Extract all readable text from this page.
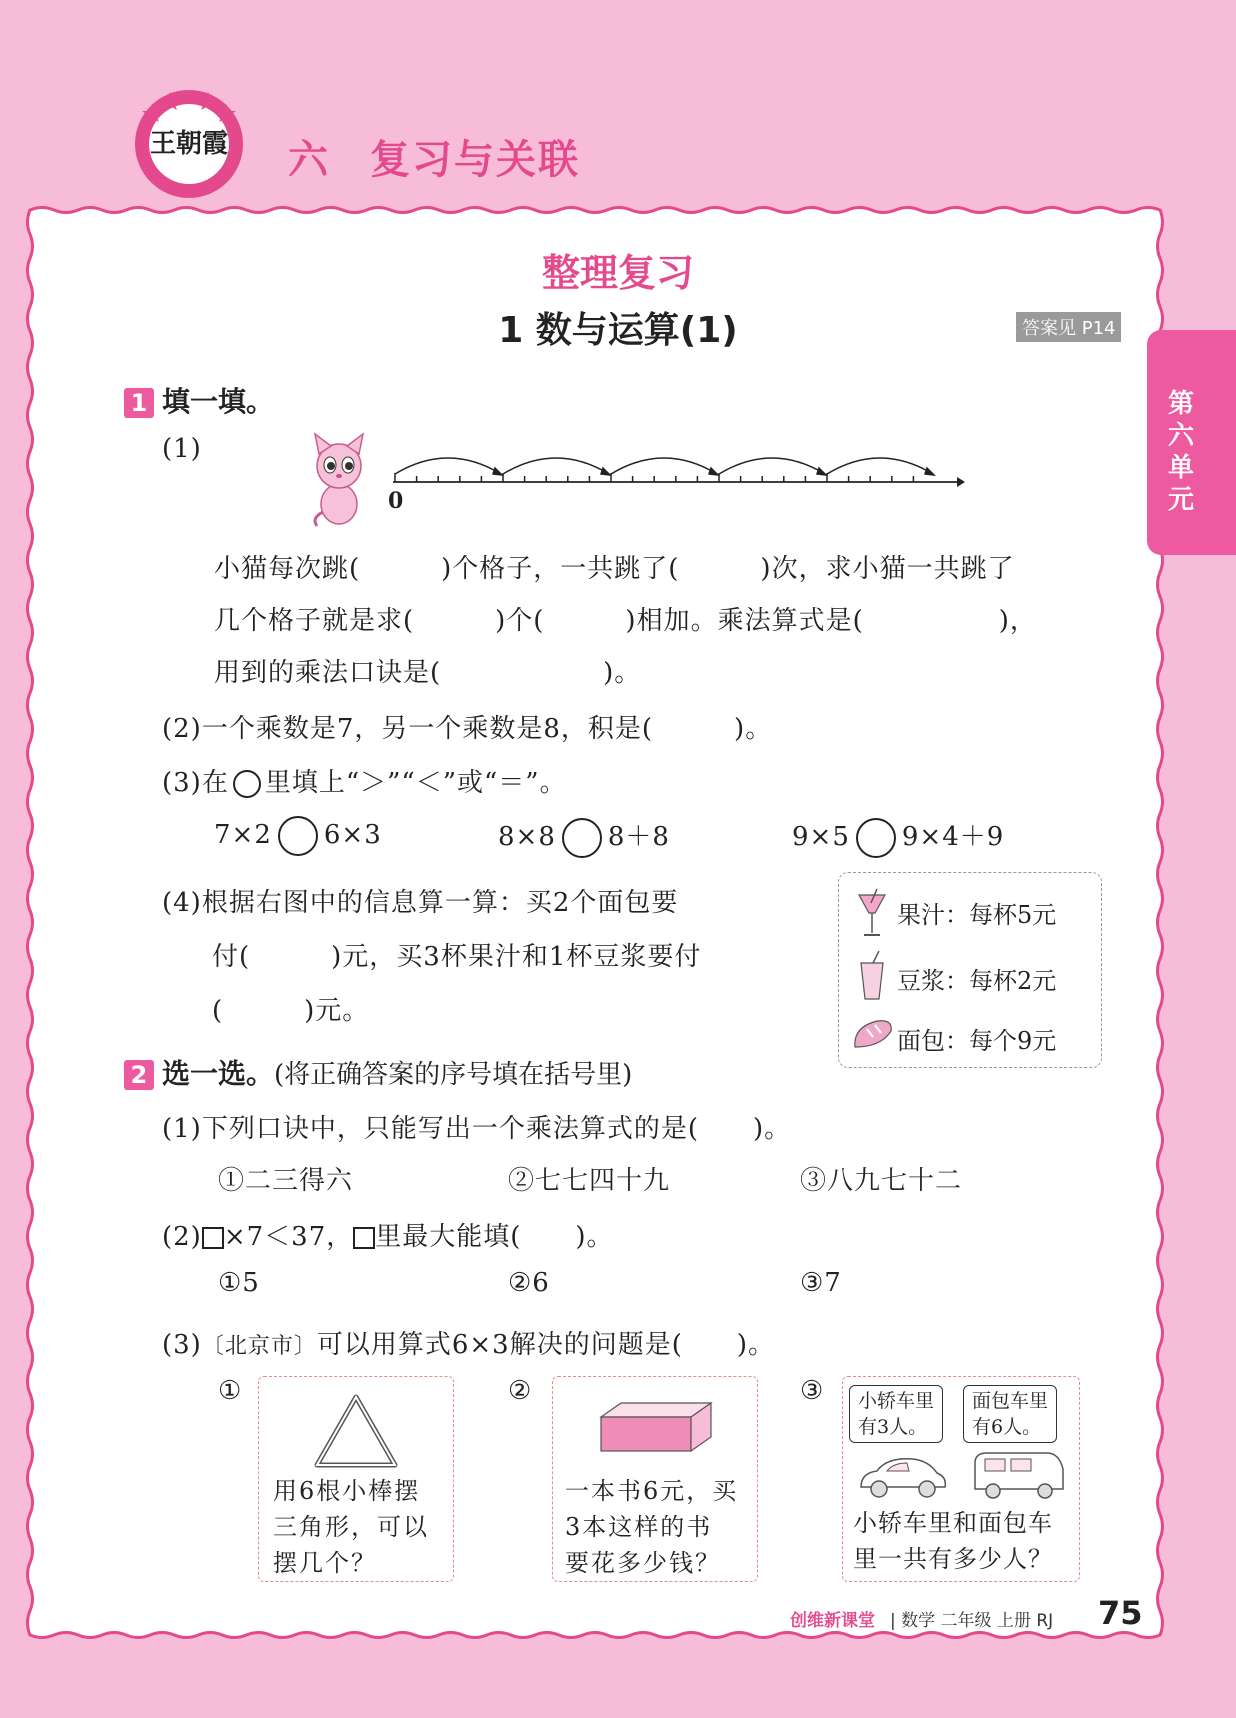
王朝霞 六 复习与关联
第六单元
整理复习
1 数与运算(1)	答案见 P14
1 填一填。
(1)
0
小猫每次跳(　　　)个格子，一共跳了(　　　)次，求小猫一共跳了
几个格子就是求(　　　)个(　　　)相加。乘法算式是(　　　　　)，
用到的乘法口诀是(　　　　　　)。
(2)一个乘数是7，另一个乘数是8，积是(　　　)。
(3)在 里填上“＞”“＜”或“＝”。
7×2 6×3	8×8 8＋8	9×5 9×4＋9
(4)根据右图中的信息算一算：买2个面包要
付(　　　)元，买3杯果汁和1杯豆浆要付
(　　　)元。
果汁：每杯5元
豆浆：每杯2元
面包：每个9元
2 选一选。(将正确答案的序号填在括号里)
(1)下列口诀中，只能写出一个乘法算式的是(　　)。
①二三得六	②七七四十九	③八九七十二
(2) ×7＜37， 里最大能填(　　)。
①5	②6	③7
(3)〔北京市〕可以用算式6×3解决的问题是(　　)。
①
用6根小棒摆
三角形，可以
摆几个？
②
一本书6元，买
3本这样的书
要花多少钱？
③ 小轿车里
有3人。
面包车里
有6人。
小轿车里和面包车
里一共有多少人？
创维新课堂 | 数学 二年级 上册 RJ 75
